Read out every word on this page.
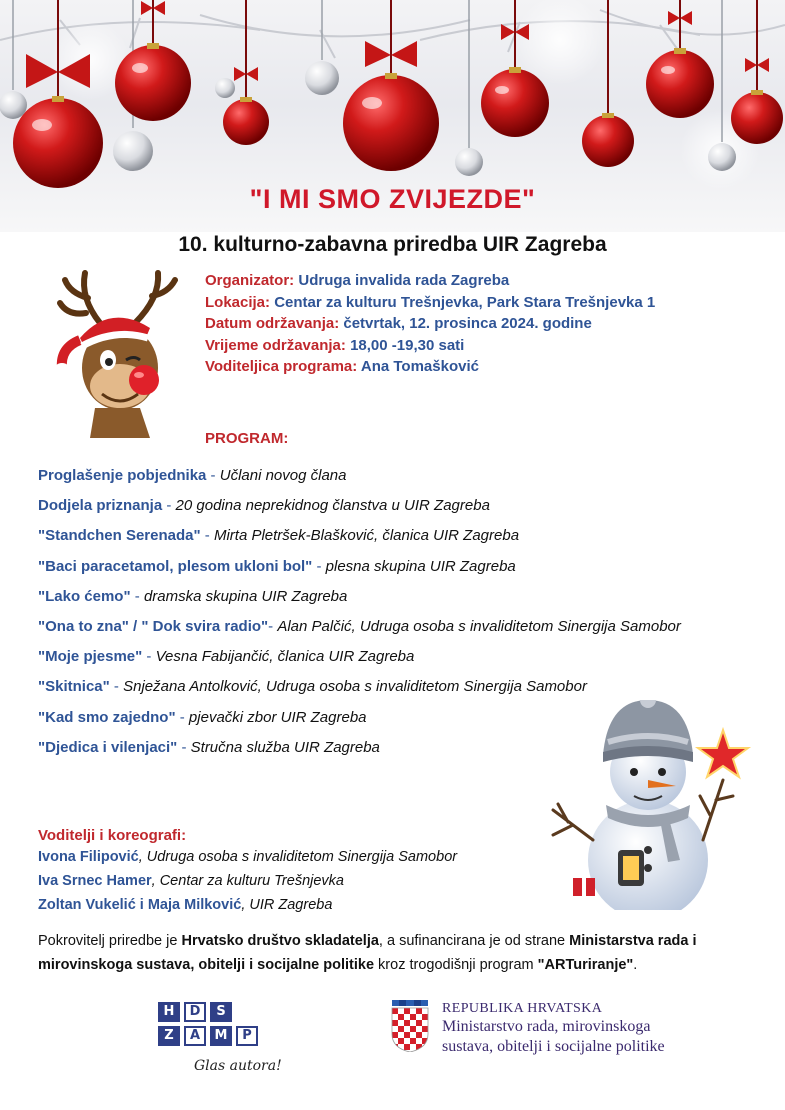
"I MI SMO ZVIJEZDE"
10. kulturno-zabavna priredba UIR Zagreba
Organizator: Udruga invalida rada Zagreba
Lokacija: Centar za kulturu Trešnjevka, Park Stara Trešnjevka 1
Datum održavanja: četvrtak, 12. prosinca 2024. godine
Vrijeme održavanja: 18,00 -19,30 sati
Voditeljica programa: Ana Tomašković
PROGRAM:
Proglašenje pobjednika - Učlani novog člana
Dodjela priznanja - 20 godina neprekidnog članstva u UIR Zagreba
"Standchen Serenada" - Mirta Pletršek-Blašković, članica UIR Zagreba
"Baci paracetamol, plesom ukloni bol" - plesna skupina UIR Zagreba
"Lako ćemo" - dramska skupina UIR Zagreba
"Ona to zna" / " Dok svira radio"- Alan Palčić, Udruga osoba s invaliditetom Sinergija Samobor
"Moje pjesme" - Vesna Fabijančić, članica UIR Zagreba
"Skitnica" - Snježana Antolković, Udruga osoba s invaliditetom Sinergija Samobor
"Kad smo zajedno" - pjevački zbor UIR Zagreba
"Djedica i vilenjaci" - Stručna služba UIR Zagreba
Voditelji i koreografi:
Ivona Filipović, Udruga osoba s invaliditetom Sinergija Samobor
Iva Srnec Hamer, Centar za kulturu Trešnjevka
Zoltan Vukelić i Maja Milković, UIR Zagreba
Pokrovitelj priredbe je Hrvatsko društvo skladatelja, a sufinancirana je od strane Ministarstva rada i mirovinskoga sustava, obitelji i socijalne politike kroz trogodišnji program "ARTuriranje".
H	D	S
Z	A	M	P
Glas autora!
REPUBLIKA HRVATSKA
Ministarstvo rada, mirovinskoga
sustava, obitelji i socijalne politike
